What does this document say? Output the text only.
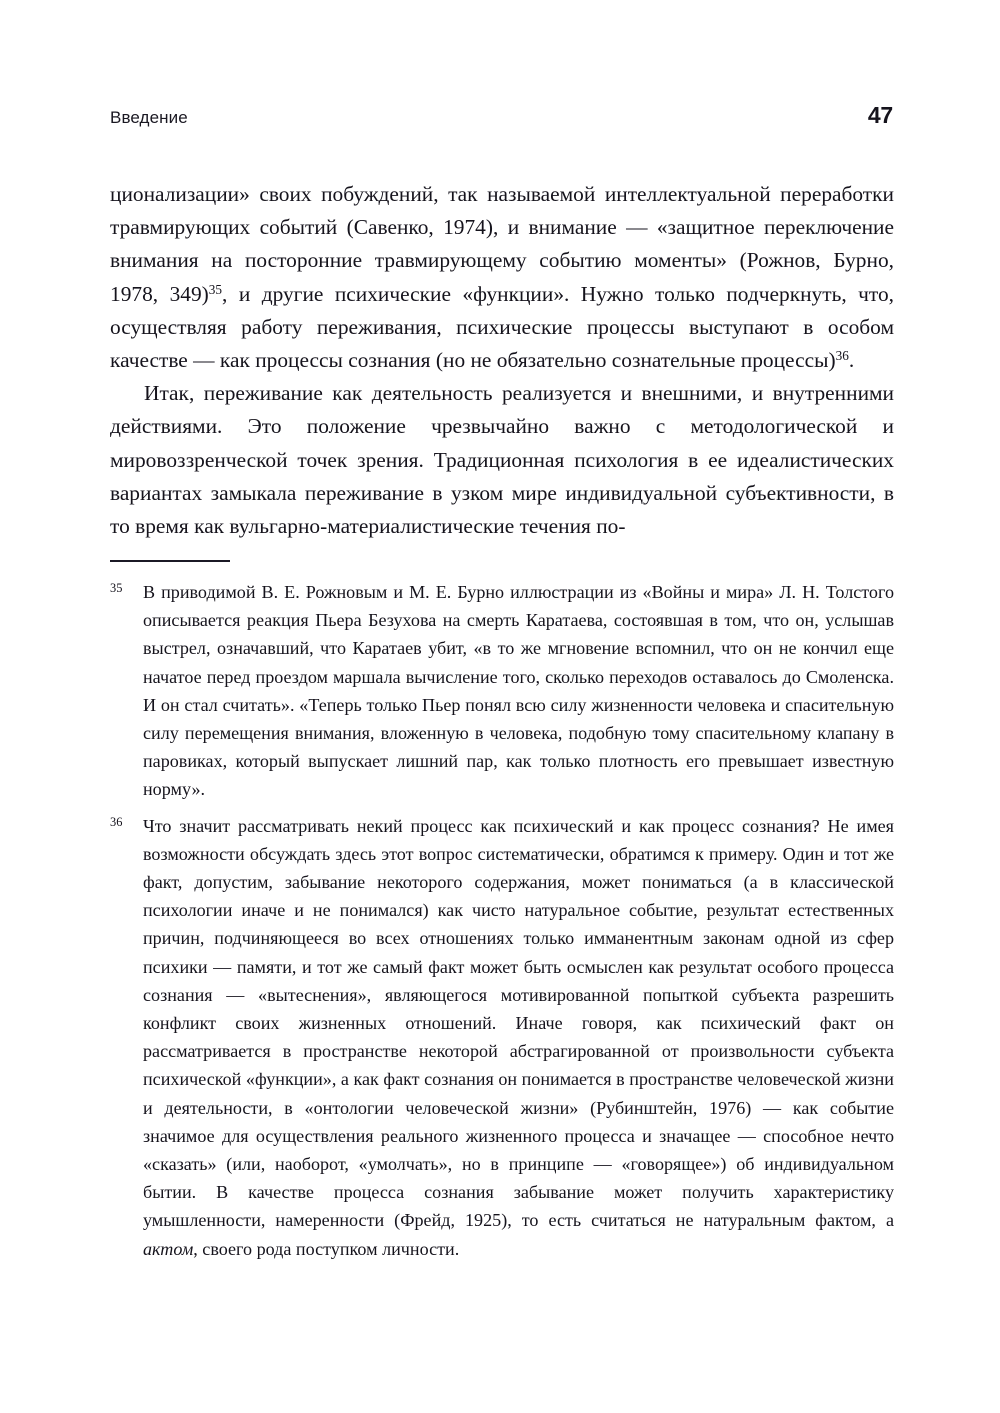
Введение	47

ционализации» своих побуждений, так называемой интеллектуальной переработки травмирующих событий (Савенко, 1974), и внимание — «защитное переключение внимания на посторонние травмирующему событию моменты» (Рожнов, Бурно, 1978, 349)$^{35}$, и другие психические «функции». Нужно только подчеркнуть, что, осуществляя работу переживания, психические процессы выступают в особом качестве — как процессы сознания (но не обязательно сознательные процессы)$^{36}$.

Итак, переживание как деятельность реализуется и внешними, и внутренними действиями. Это положение чрезвычайно важно с методологической и мировоззренческой точек зрения. Традиционная психология в ее идеалистических вариантах замыкала переживание в узком мире индивидуальной субъективности, в то время как вульгарно-материалистические течения по-

35	В приводимой В. Е. Рожновым и М. Е. Бурно иллюстрации из «Войны и мира» Л. Н. Толстого описывается реакция Пьера Безухова на смерть Каратаева, состоявшая в том, что он, услышав выстрел, означавший, что Каратаев убит, «в то же мгновение вспомнил, что он не кончил еще начатое перед проездом маршала вычисление того, сколько переходов оставалось до Смоленска. И он стал считать». «Теперь только Пьер понял всю силу жизненности человека и спасительную силу перемещения внимания, вложенную в человека, подобную тому спасительному клапану в паровиках, который выпускает лишний пар, как только плотность его превышает известную норму».
36	Что значит рассматривать некий процесс как психический и как процесс сознания? Не имея возможности обсуждать здесь этот вопрос систематически, обратимся к примеру. Один и тот же факт, допустим, забывание некоторого содержания, может пониматься (а в классической психологии иначе и не понимался) как чисто натуральное событие, результат естественных причин, подчиняющееся во всех отношениях только имманентным законам одной из сфер психики — памяти, и тот же самый факт может быть осмыслен как результат особого процесса сознания — «вытеснения», являющегося мотивированной попыткой субъекта разрешить конфликт своих жизненных отношений. Иначе говоря, как психический факт он рассматривается в пространстве некоторой абстрагированной от произвольности субъекта психической «функции», а как факт сознания он понимается в пространстве человеческой жизни и деятельности, в «онтологии человеческой жизни» (Рубинштейн, 1976) — как событие значимое для осуществления реального жизненного процесса и значащее — способное нечто «сказать» (или, наоборот, «умолчать», но в принципе — «говорящее») об индивидуальном бытии. В качестве процесса сознания забывание может получить характеристику умышленности, намеренности (Фрейд, 1925), то есть считаться не натуральным фактом, а актом, своего рода поступком личности.
